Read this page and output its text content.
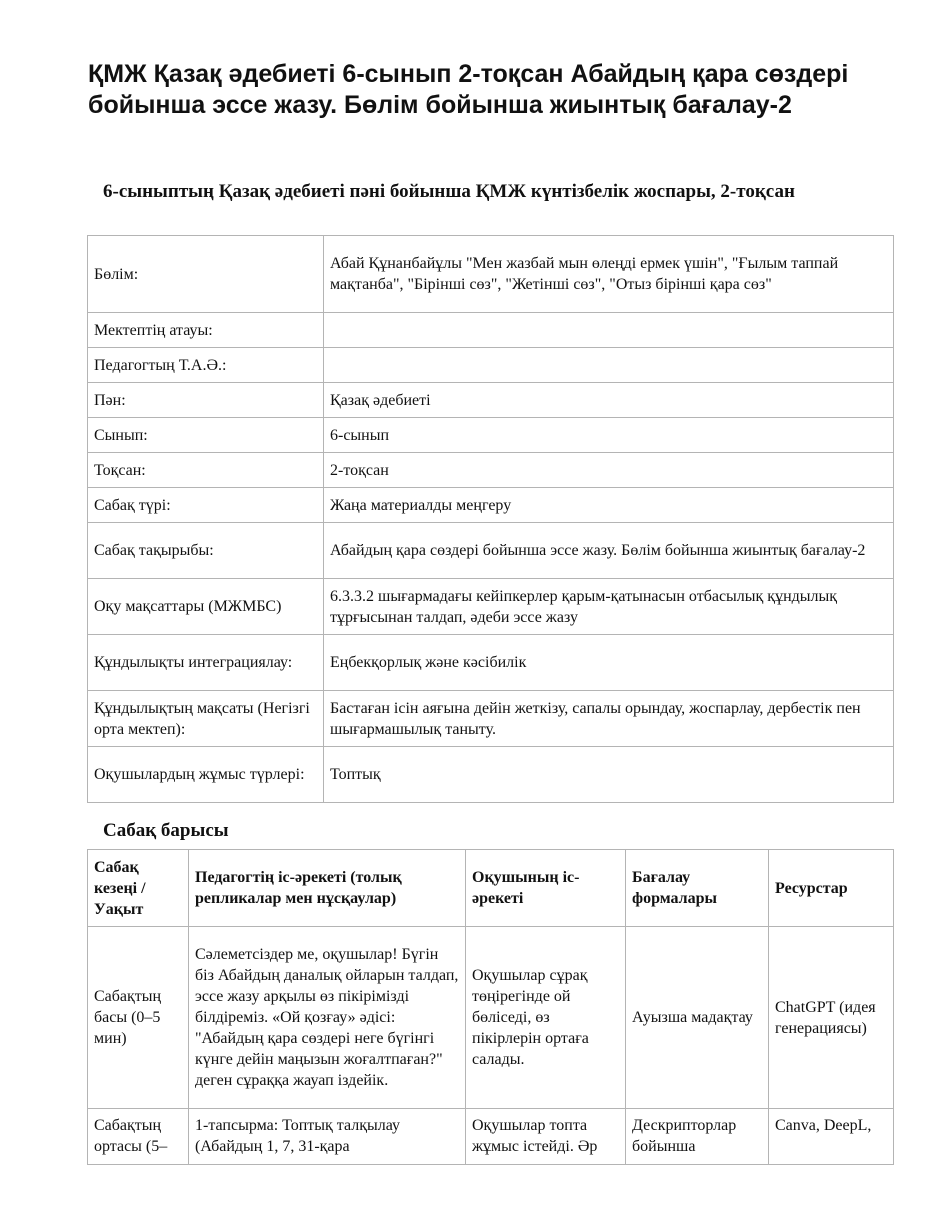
ҚМЖ Қазақ әдебиеті 6-сынып 2-тоқсан Абайдың қара сөздері бойынша эссе жазу. Бөлім бойынша жиынтық бағалау-2
6-сыныптың Қазақ әдебиеті пәні бойынша ҚМЖ күнтізбелік жоспары, 2-тоқсан
Бөлім:	Абай Құнанбайұлы "Мен жазбай мын өлеңді ермек үшін", "Ғылым таппай мақтанба", "Бірінші сөз", "Жетінші сөз", "Отыз бірінші қара сөз"
Мектептің атауы:	
Педагогтың Т.А.Ә.:	
Пән:	Қазақ әдебиеті
Сынып:	6-сынып
Тоқсан:	2-тоқсан
Сабақ түрі:	Жаңа материалды меңгеру
Сабақ тақырыбы:	Абайдың қара сөздері бойынша эссе жазу. Бөлім бойынша жиынтық бағалау-2
Оқу мақсаттары (МЖМБС)	6.3.3.2 шығармадағы кейіпкерлер қарым-қатынасын отбасылық құндылық тұрғысынан талдап, әдеби эссе жазу
Құндылықты интеграциялау:	Еңбекқорлық және кәсібилік
Құндылықтың мақсаты (Негізгі орта мектеп):	Бастаған ісін аяғына дейін жеткізу, сапалы орындау, жоспарлау, дербестік пен шығармашылық таныту.
Оқушылардың жұмыс түрлері:	Топтық
Сабақ барысы
Сабақ кезеңі / Уақыт	Педагогтің іс-әрекеті (толық репликалар мен нұсқаулар)	Оқушының іс-әрекеті	Бағалау формалары	Ресурстар
Сабақтың басы (0–5 мин)	Сәлеметсіздер ме, оқушылар! Бүгін біз Абайдың даналық ойларын талдап, эссе жазу арқылы өз пікірімізді білдіреміз. «Ой қозғау» әдісі: "Абайдың қара сөздері неге бүгінгі күнге дейін маңызын жоғалтпаған?" деген сұраққа жауап іздейік.	Оқушылар сұрақ төңірегінде ой бөліседі, өз пікірлерін ортаға салады.	Ауызша мадақтау	ChatGPT (идея генерациясы)
Сабақтың ортасы (5–	1-тапсырма: Топтық талқылау (Абайдың 1, 7, 31-қара	Оқушылар топта жұмыс істейді. Әр	Дескрипторлар бойынша	Canva, DeepL,
